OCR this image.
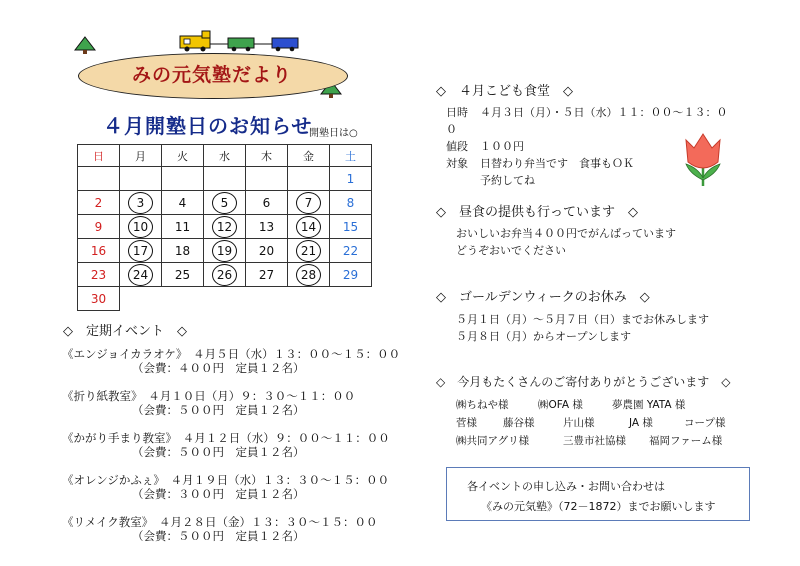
みの元気塾だより
４月開塾日のお知らせ
開塾日は○
日	月	火	水	木	金	土
						1
2	3	4	5	6	7	8
9	10	11	12	13	14	15
16	17	18	19	20	21	22
23	24	25	26	27	28	29
30						
◇　定期イベント　◇
《エンジョイカラオケ》　４月５日（水）１３：００〜１５：００
（会費：４００円　定員１２名）
《折り紙教室》　４月１０日（月）９：３０〜１１：００
（会費：５００円　定員１２名）
《かがり手まり教室》　４月１２日（水）９：００〜１１：００
（会費：５００円　定員１２名）
《オレンジかふぇ》　４月１９日（水）１３：３０〜１５：００
（会費：３００円　定員１２名）
《リメイク教室》　４月２８日（金）１３：３０〜１５：００
（会費：５００円　定員１２名）
◇　４月こども食堂　◇
日時 ４月３日（月）・５日（水）１１：００〜１３：００
値段 １００円
対象 日替わり弁当です　食事もＯＫ
予約してね
◇　昼食の提供も行っています　◇
おいしいお弁当４００円でがんばっています
どうぞおいでください
◇　ゴールデンウィークのお休み　◇
５月１日（月）〜５月７日（日）までお休みします
５月８日（月）からオープンします
◇　今月もたくさんのご寄付ありがとうございます　◇
㈱ちねや様	㈱OFA 様	夢農園 YATA 様
菅様 藤谷様	片山様	JA 様	コープ様
㈱共同アグリ様	三豊市社協様 福岡ファーム様
各イベントの申し込み・お問い合わせは
《みの元気塾》（72－1872）までお願いします
